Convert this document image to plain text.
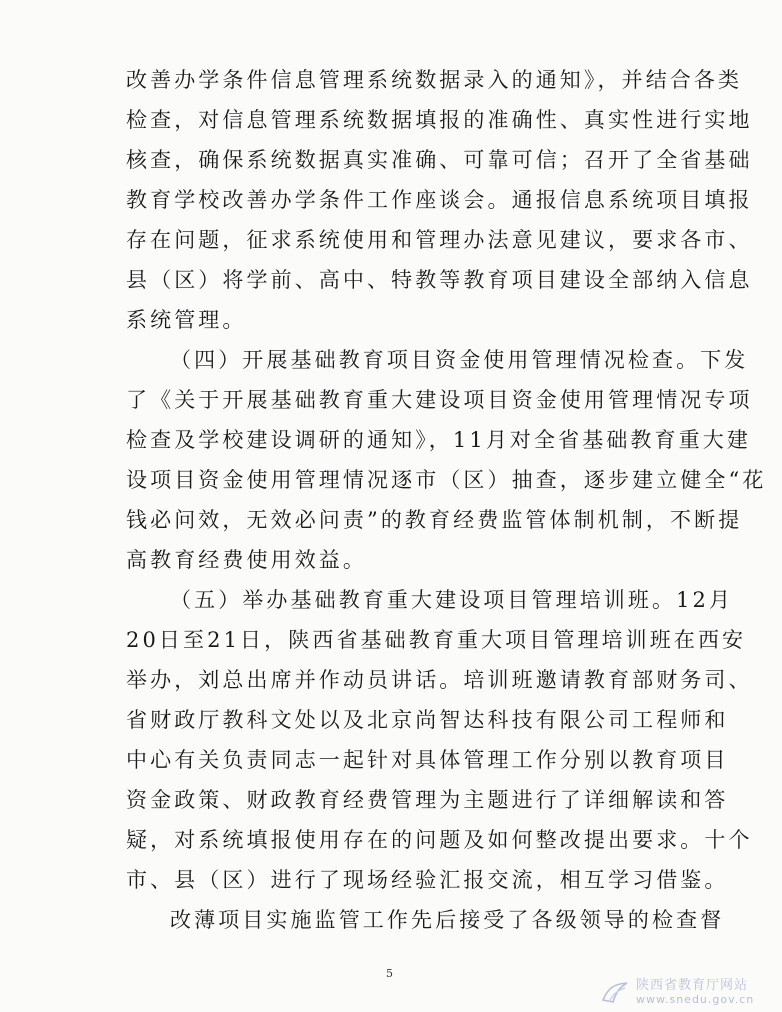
改善办学条件信息管理系统数据录入的通知》，并结合各类
检查，对信息管理系统数据填报的准确性、真实性进行实地
核查，确保系统数据真实准确、可靠可信；召开了全省基础
教育学校改善办学条件工作座谈会。通报信息系统项目填报
存在问题，征求系统使用和管理办法意见建议，要求各市、
县（区）将学前、高中、特教等教育项目建设全部纳入信息
系统管理。
（四）开展基础教育项目资金使用管理情况检查。下发
了《关于开展基础教育重大建设项目资金使用管理情况专项
检查及学校建设调研的通知》，11月对全省基础教育重大建
设项目资金使用管理情况逐市（区）抽查，逐步建立健全“花
钱必问效，无效必问责”的教育经费监管体制机制，不断提
高教育经费使用效益。
（五）举办基础教育重大建设项目管理培训班。12月
20日至21日，陕西省基础教育重大项目管理培训班在西安
举办，刘总出席并作动员讲话。培训班邀请教育部财务司、
省财政厅教科文处以及北京尚智达科技有限公司工程师和
中心有关负责同志一起针对具体管理工作分别以教育项目
资金政策、财政教育经费管理为主题进行了详细解读和答
疑，对系统填报使用存在的问题及如何整改提出要求。十个
市、县（区）进行了现场经验汇报交流，相互学习借鉴。
5
陕西省教育厅网站
www.snedu.gov.cn
改薄项目实施监管工作先后接受了各级领导的检查督
